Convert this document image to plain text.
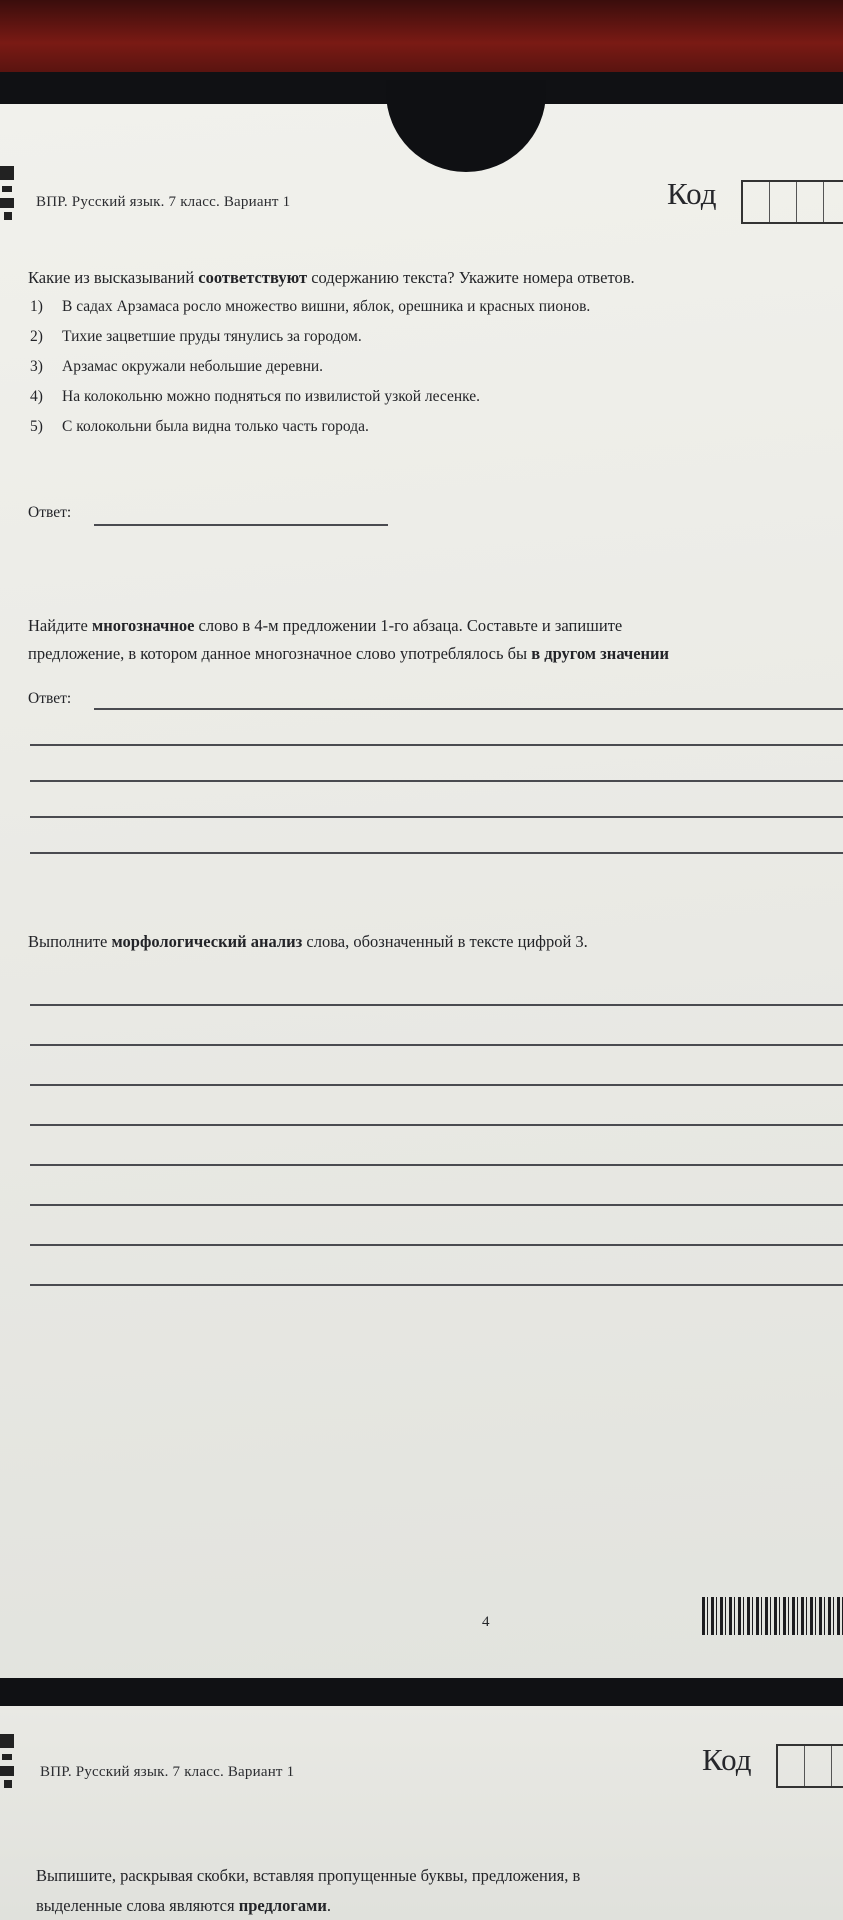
ВПР. Русский язык. 7 класс. Вариант 1	Код
Какие из высказываний соответствуют содержанию текста? Укажите номера ответов.
1) В садах Арзамаса росло множество вишни, яблок, орешника и красных пионов.
2) Тихие зацветшие пруды тянулись за городом.
3) Арзамас окружали небольшие деревни.
4) На колокольню можно подняться по извилистой узкой лесенке.
5) С колокольни была видна только часть города.
Ответ:
Найдите многозначное слово в 4-м предложении 1-го абзаца. Составьте и запишите
предложение, в котором данное многозначное слово употреблялось бы в другом значении
Ответ:
Выполните морфологический анализ слова, обозначенный в тексте цифрой 3.
4
ВПР. Русский язык. 7 класс. Вариант 1	Код
Выпишите, раскрывая скобки, вставляя пропущенные буквы, предложения, в
выделенные слова являются предлогами.
